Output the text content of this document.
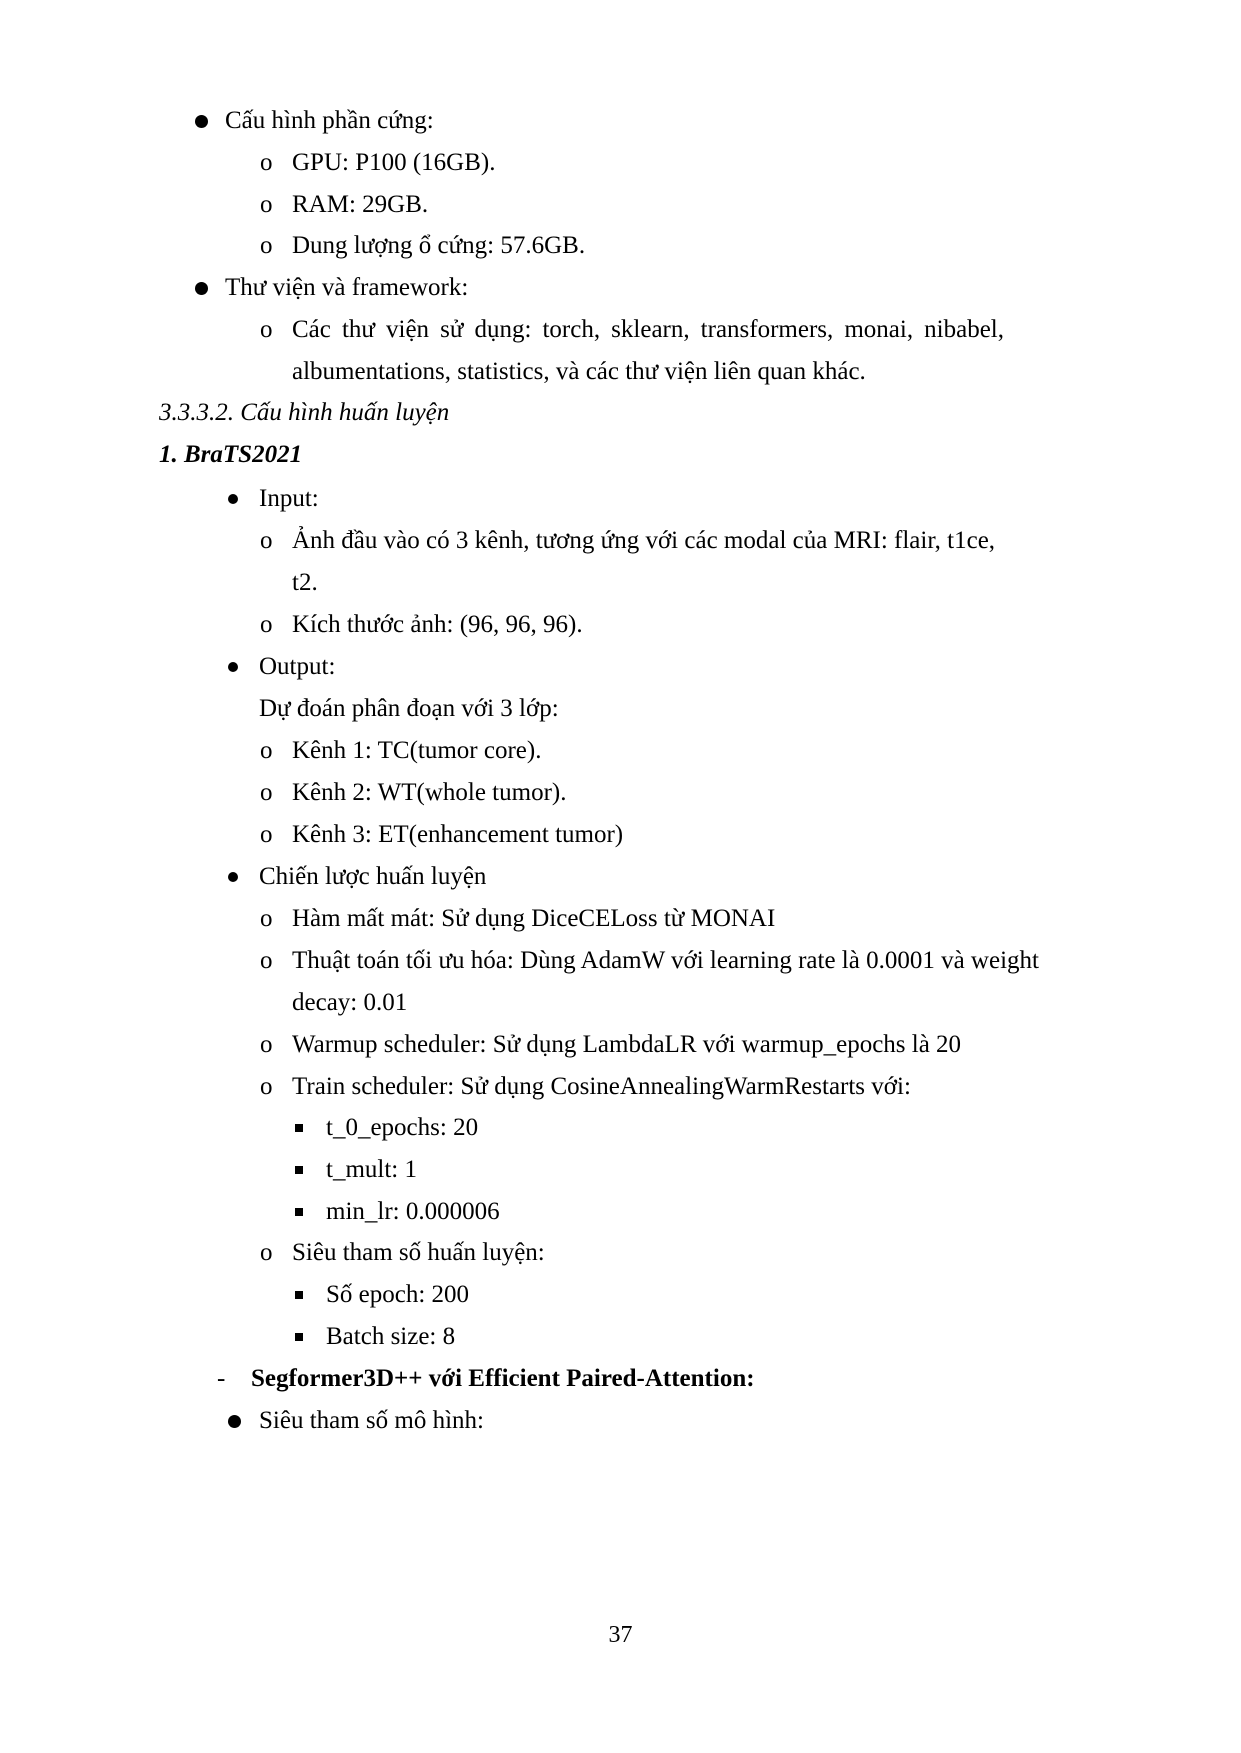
Cấu hình phần cứng:
o GPU: P100 (16GB).
o RAM: 29GB.
o Dung lượng ổ cứng: 57.6GB.
Thư viện và framework:
o Các thư viện sử dụng: torch, sklearn, transformers, monai, nibabel,
albumentations, statistics, và các thư viện liên quan khác.
3.3.3.2. Cấu hình huấn luyện
1. BraTS2021
Input:
o Ảnh đầu vào có 3 kênh, tương ứng với các modal của MRI: flair, t1ce,
t2.
o Kích thước ảnh: (96, 96, 96).
Output:
Dự đoán phân đoạn với 3 lớp:
o Kênh 1: TC(tumor core).
o Kênh 2: WT(whole tumor).
o Kênh 3: ET(enhancement tumor)
Chiến lược huấn luyện
o Hàm mất mát: Sử dụng DiceCELoss từ MONAI
o Thuật toán tối ưu hóa: Dùng AdamW với learning rate là 0.0001 và weight
decay: 0.01
o Warmup scheduler: Sử dụng LambdaLR với warmup_epochs là 20
o Train scheduler: Sử dụng CosineAnnealingWarmRestarts với:
t_0_epochs: 20
t_mult: 1
min_lr: 0.000006
o Siêu tham số huấn luyện:
Số epoch: 200
Batch size: 8
- Segformer3D++ với Efficient Paired-Attention:
Siêu tham số mô hình:
37
